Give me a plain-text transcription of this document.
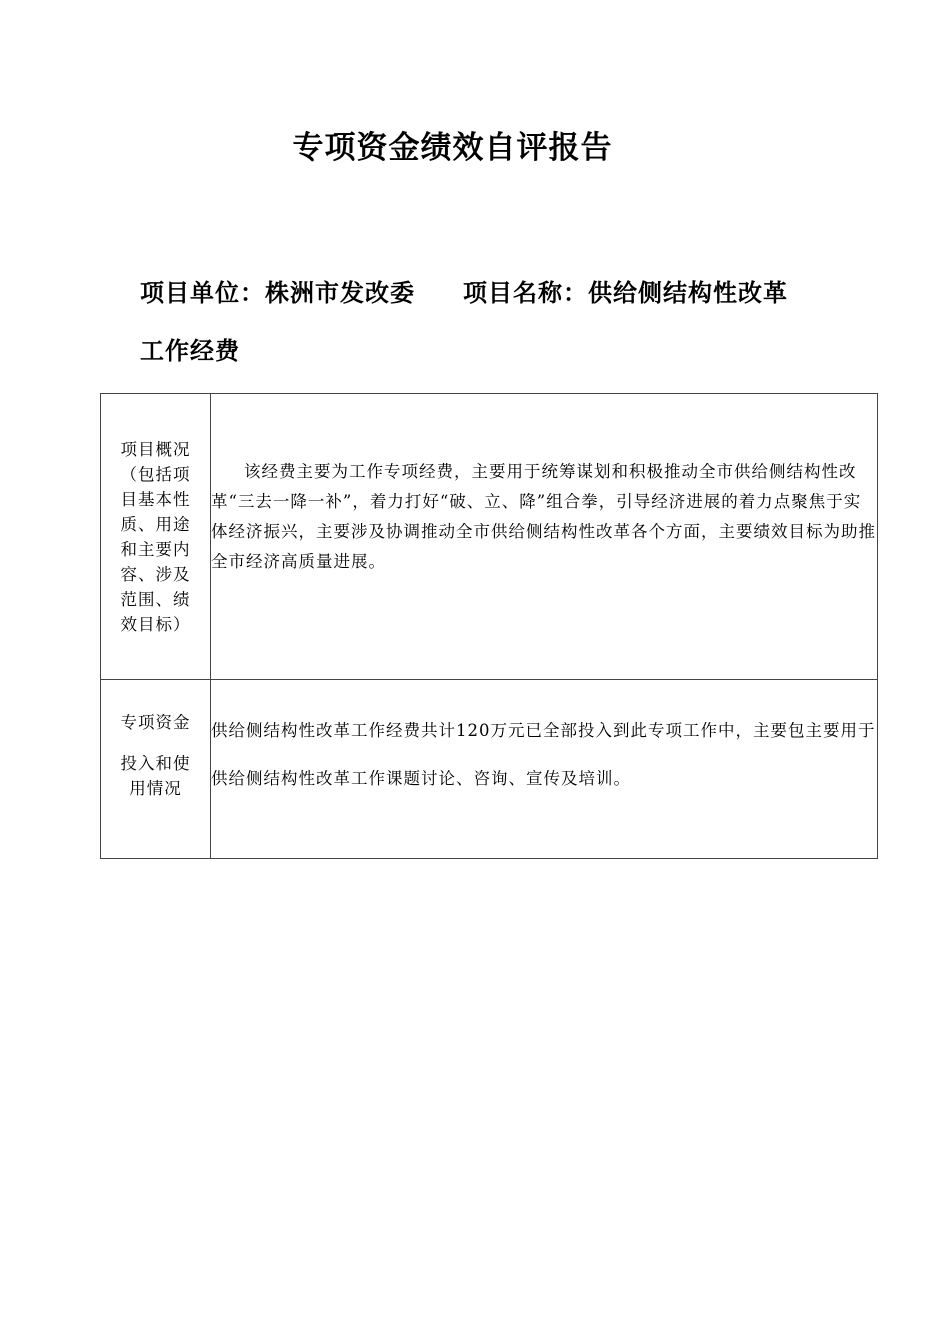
专项资金绩效自评报告
项目单位：株洲市发改委 项目名称：供给侧结构性改革
工作经费
项目概况（包括项目基本性质、用途和主要内容、涉及范围、绩效目标）	该经费主要为工作专项经费，主要用于统筹谋划和积极推动全市供给侧结构性改革“三去一降一补”，着力打好“破、立、降”组合拳，引导经济进展的着力点聚焦于实体经济振兴，主要涉及协调推动全市供给侧结构性改革各个方面，主要绩效目标为助推全市经济高质量进展。

专项资金
投入和使用情况	供给侧结构性改革工作经费共计120万元已全部投入到此专项工作中，主要包主要用于供给侧结构性改革工作课题讨论、咨询、宣传及培训。
